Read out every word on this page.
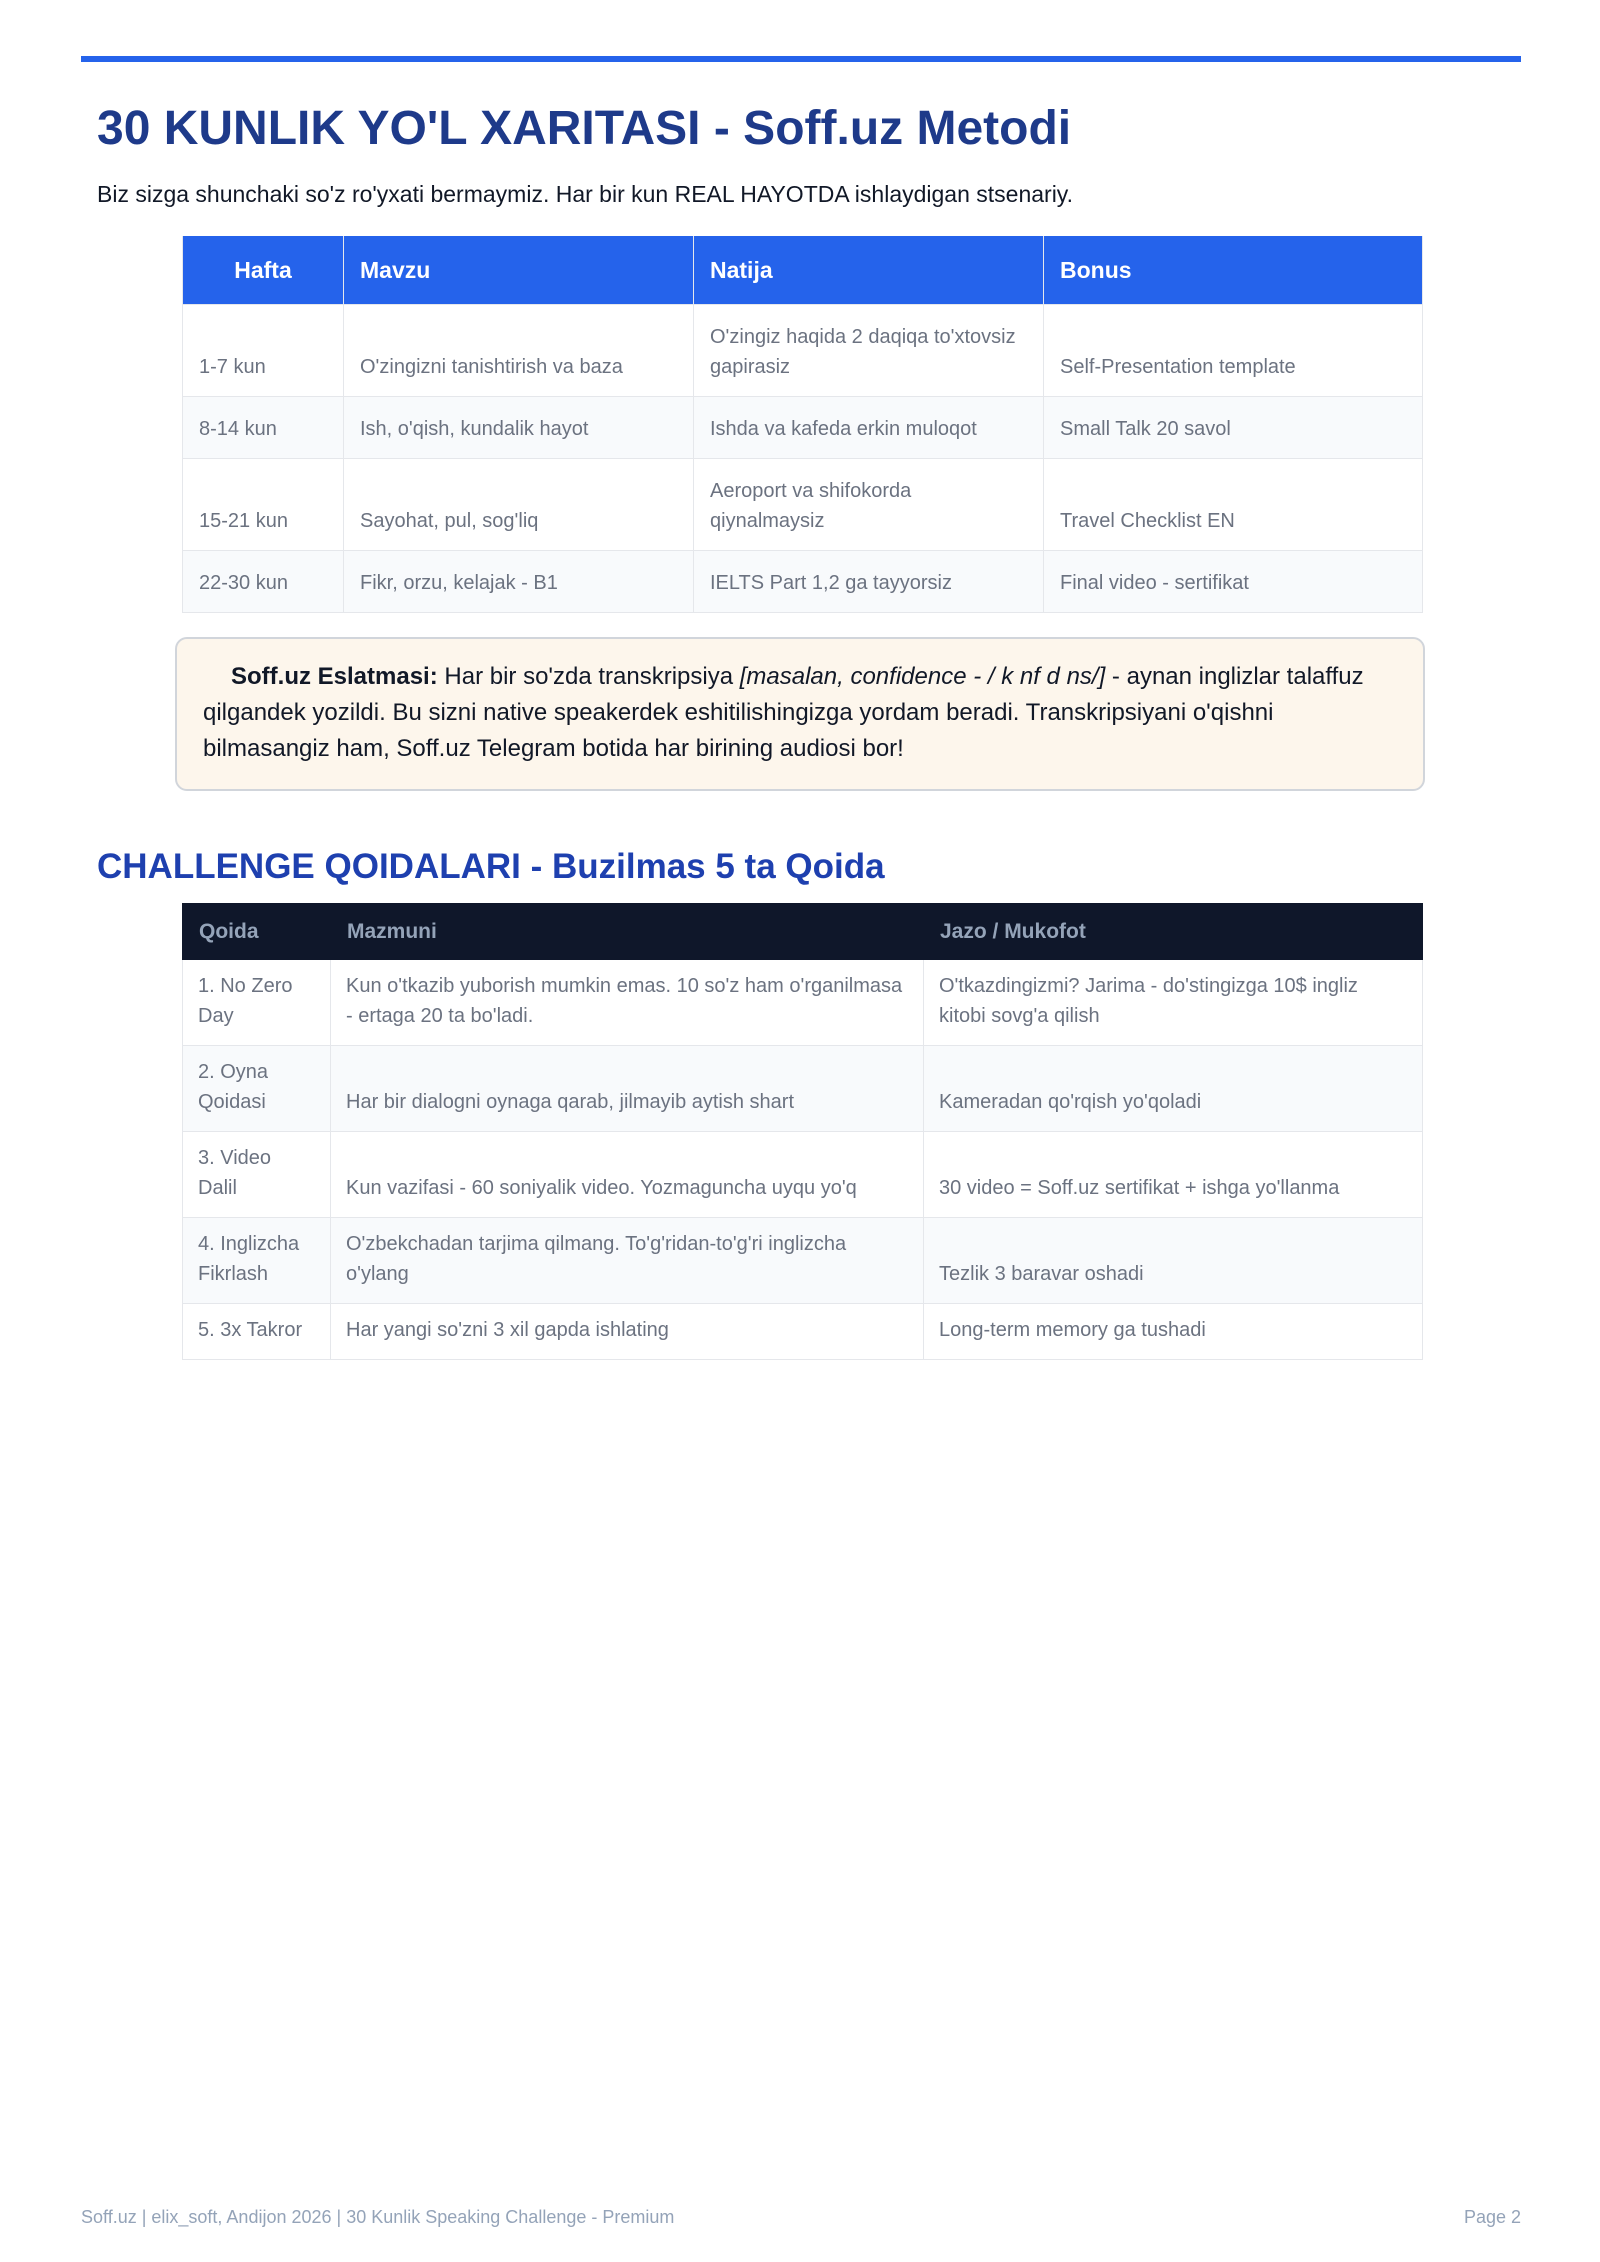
30 KUNLIK YO'L XARITASI - Soff.uz Metodi
Biz sizga shunchaki so'z ro'yxati bermaymiz. Har bir kun REAL HAYOTDA ishlaydigan stsenariy.
Hafta	Mavzu	Natija	Bonus
1-7 kun	O'zingizni tanishtirish va baza	O'zingiz haqida 2 daqiqa to'xtovsiz gapirasiz	Self-Presentation template
8-14 kun	Ish, o'qish, kundalik hayot	Ishda va kafeda erkin muloqot	Small Talk 20 savol
15-21 kun	Sayohat, pul, sog'liq	Aeroport va shifokorda qiynalmaysiz	Travel Checklist EN
22-30 kun	Fikr, orzu, kelajak - B1	IELTS Part 1,2 ga tayyorsiz	Final video - sertifikat
Soff.uz Eslatmasi: Har bir so'zda transkripsiya [masalan, confidence - / k nf d ns/] - aynan inglizlar talaffuz qilgandek yozildi. Bu sizni native speakerdek eshitilishingizga yordam beradi. Transkripsiyani o'qishni bilmasangiz ham, Soff.uz Telegram botida har birining audiosi bor!
CHALLENGE QOIDALARI - Buzilmas 5 ta Qoida
Qoida	Mazmuni	Jazo / Mukofot
1. No Zero Day	Kun o'tkazib yuborish mumkin emas. 10 so'z ham o'rganilmasa - ertaga 20 ta bo'ladi.	O'tkazdingizmi? Jarima - do'stingizga 10$ ingliz kitobi sovg'a qilish
2. Oyna Qoidasi	Har bir dialogni oynaga qarab, jilmayib aytish shart	Kameradan qo'rqish yo'qoladi
3. Video Dalil	Kun vazifasi - 60 soniyalik video. Yozmaguncha uyqu yo'q	30 video = Soff.uz sertifikat + ishga yo'llanma
4. Inglizcha Fikrlash	O'zbekchadan tarjima qilmang. To'g'ridan-to'g'ri inglizcha o'ylang	Tezlik 3 baravar oshadi
5. 3x Takror	Har yangi so'zni 3 xil gapda ishlating	Long-term memory ga tushadi
Soff.uz | elix_soft, Andijon 2026 | 30 Kunlik Speaking Challenge - Premium	Page 2
